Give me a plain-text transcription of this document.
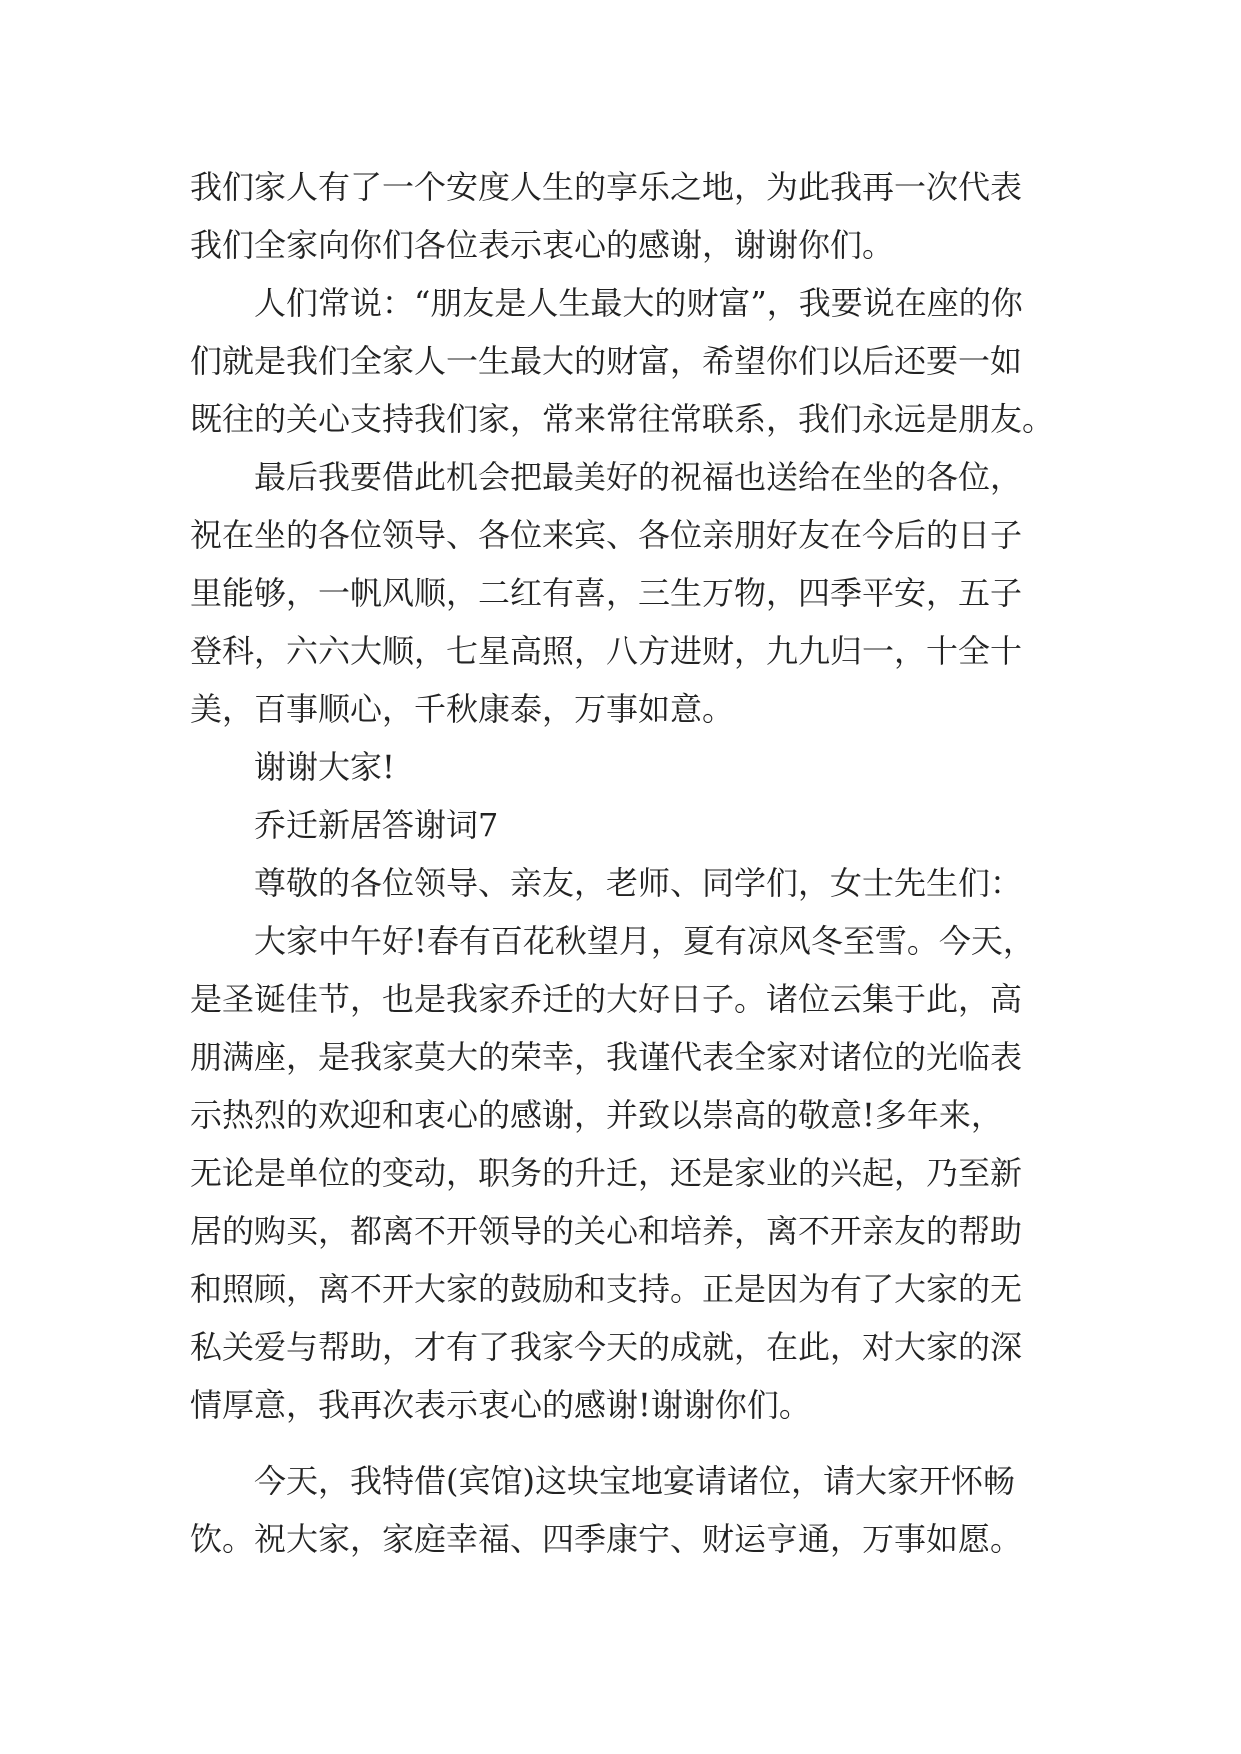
我们家人有了一个安度人生的享乐之地，为此我再一次代表
我们全家向你们各位表示衷心的感谢，谢谢你们。
人们常说：“朋友是人生最大的财富”，我要说在座的你
们就是我们全家人一生最大的财富，希望你们以后还要一如
既往的关心支持我们家，常来常往常联系，我们永远是朋友。
最后我要借此机会把最美好的祝福也送给在坐的各位，
祝在坐的各位领导、各位来宾、各位亲朋好友在今后的日子
里能够，一帆风顺，二红有喜，三生万物，四季平安，五子
登科，六六大顺，七星高照，八方进财，九九归一，十全十
美，百事顺心，千秋康泰，万事如意。
谢谢大家!
乔迁新居答谢词7
尊敬的各位领导、亲友，老师、同学们，女士先生们：
大家中午好!春有百花秋望月，夏有凉风冬至雪。今天，
是圣诞佳节，也是我家乔迁的大好日子。诸位云集于此，高
朋满座，是我家莫大的荣幸，我谨代表全家对诸位的光临表
示热烈的欢迎和衷心的感谢，并致以崇高的敬意!多年来，
无论是单位的变动，职务的升迁，还是家业的兴起，乃至新
居的购买，都离不开领导的关心和培养，离不开亲友的帮助
和照顾，离不开大家的鼓励和支持。正是因为有了大家的无
私关爱与帮助，才有了我家今天的成就，在此，对大家的深
情厚意，我再次表示衷心的感谢!谢谢你们。
今天，我特借(宾馆)这块宝地宴请诸位，请大家开怀畅
饮。祝大家，家庭幸福、四季康宁、财运亨通，万事如愿。
